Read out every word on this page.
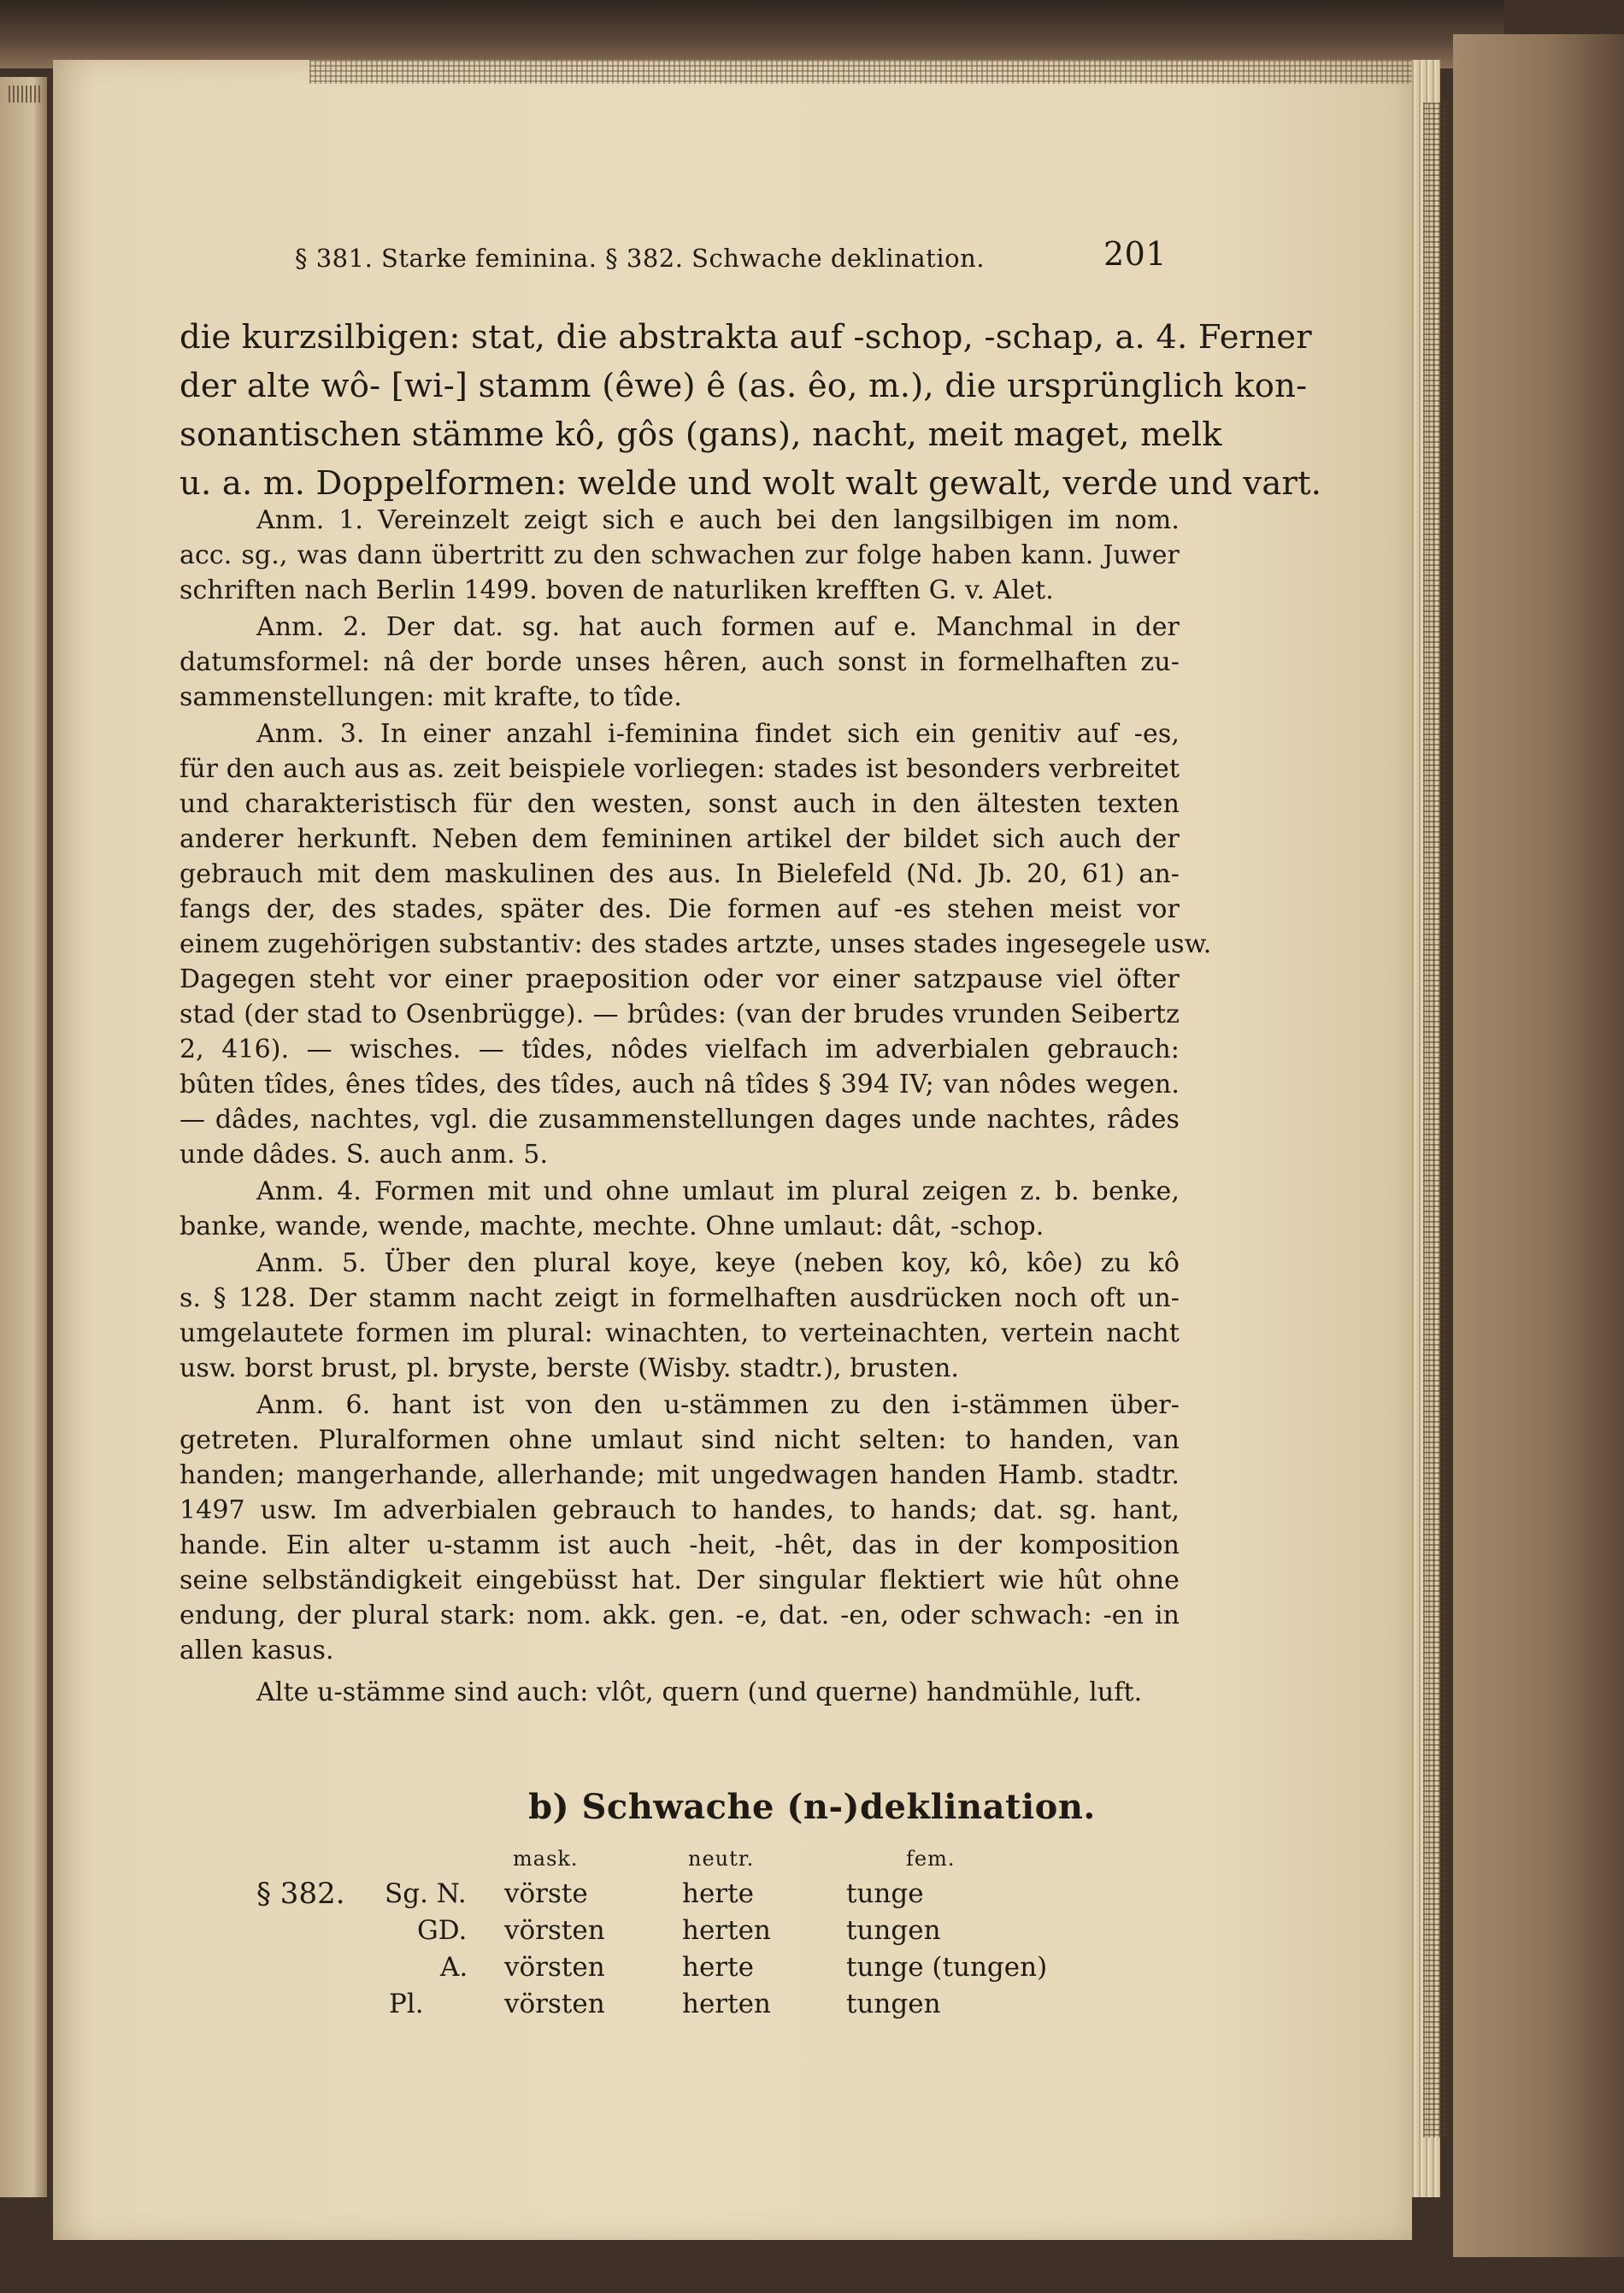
§ 381. Starke feminina. § 382. Schwache deklination.	201

die kurzsilbigen: stat, die abstrakta auf -schop, -schap, a. 4. Ferner

der alte wô- [wi-] stamm (êwe) ê (as. êo, m.), die ursprünglich kon-

sonantischen stämme kô, gôs (gans), nacht, meit maget, melk

u. a. m. Doppelformen: welde und wolt walt gewalt, verde und vart.

Anm. 1. Vereinzelt zeigt sich e auch bei den langsilbigen im nom.

acc. sg., was dann übertritt zu den schwachen zur folge haben kann. Juwer

schriften nach Berlin 1499. boven de naturliken krefften G. v. Alet.

Anm. 2. Der dat. sg. hat auch formen auf e. Manchmal in der

datumsformel: nâ der borde unses hêren, auch sonst in formelhaften zu-

sammenstellungen: mit krafte, to tîde.

Anm. 3. In einer anzahl i-feminina findet sich ein genitiv auf -es,

für den auch aus as. zeit beispiele vorliegen: stades ist besonders verbreitet

und charakteristisch für den westen, sonst auch in den ältesten texten

anderer herkunft. Neben dem femininen artikel der bildet sich auch der

gebrauch mit dem maskulinen des aus. In Bielefeld (Nd. Jb. 20, 61) an-

fangs der, des stades, später des. Die formen auf -es stehen meist vor

einem zugehörigen substantiv: des stades artzte, unses stades ingesegele usw.

Dagegen steht vor einer praeposition oder vor einer satzpause viel öfter

stad (der stad to Osenbrügge). — brûdes: (van der brudes vrunden Seibertz

2, 416). — wisches. — tîdes, nôdes vielfach im adverbialen gebrauch:

bûten tîdes, ênes tîdes, des tîdes, auch nâ tîdes § 394 IV; van nôdes wegen.

— dâdes, nachtes, vgl. die zusammenstellungen dages unde nachtes, râdes

unde dâdes. S. auch anm. 5.

Anm. 4. Formen mit und ohne umlaut im plural zeigen z. b. benke,

banke, wande, wende, machte, mechte. Ohne umlaut: dât, -schop.

Anm. 5. Über den plural koye, keye (neben koy, kô, kôe) zu kô

s. § 128. Der stamm nacht zeigt in formelhaften ausdrücken noch oft un-

umgelautete formen im plural: winachten, to verteinachten, vertein nacht

usw. borst brust, pl. bryste, berste (Wisby. stadtr.), brusten.

Anm. 6. hant ist von den u-stämmen zu den i-stämmen über-

getreten. Pluralformen ohne umlaut sind nicht selten: to handen, van

handen; mangerhande, allerhande; mit ungedwagen handen Hamb. stadtr.

1497 usw. Im adverbialen gebrauch to handes, to hands; dat. sg. hant,

hande. Ein alter u-stamm ist auch -heit, -hêt, das in der komposition

seine selbständigkeit eingebüsst hat. Der singular flektiert wie hût ohne

endung, der plural stark: nom. akk. gen. -e, dat. -en, oder schwach: -en in

allen kasus.

Alte u-stämme sind auch: vlôt, quern (und querne) handmühle, luft.

b) Schwache (n-)deklination.
mask.	neutr.	fem.
§ 382. Sg. N. vörste	herte	tunge
GD. vörsten	herten	tungen
A. vörsten	herte	tunge (tungen)
Pl.	vörsten	herten	tungen
